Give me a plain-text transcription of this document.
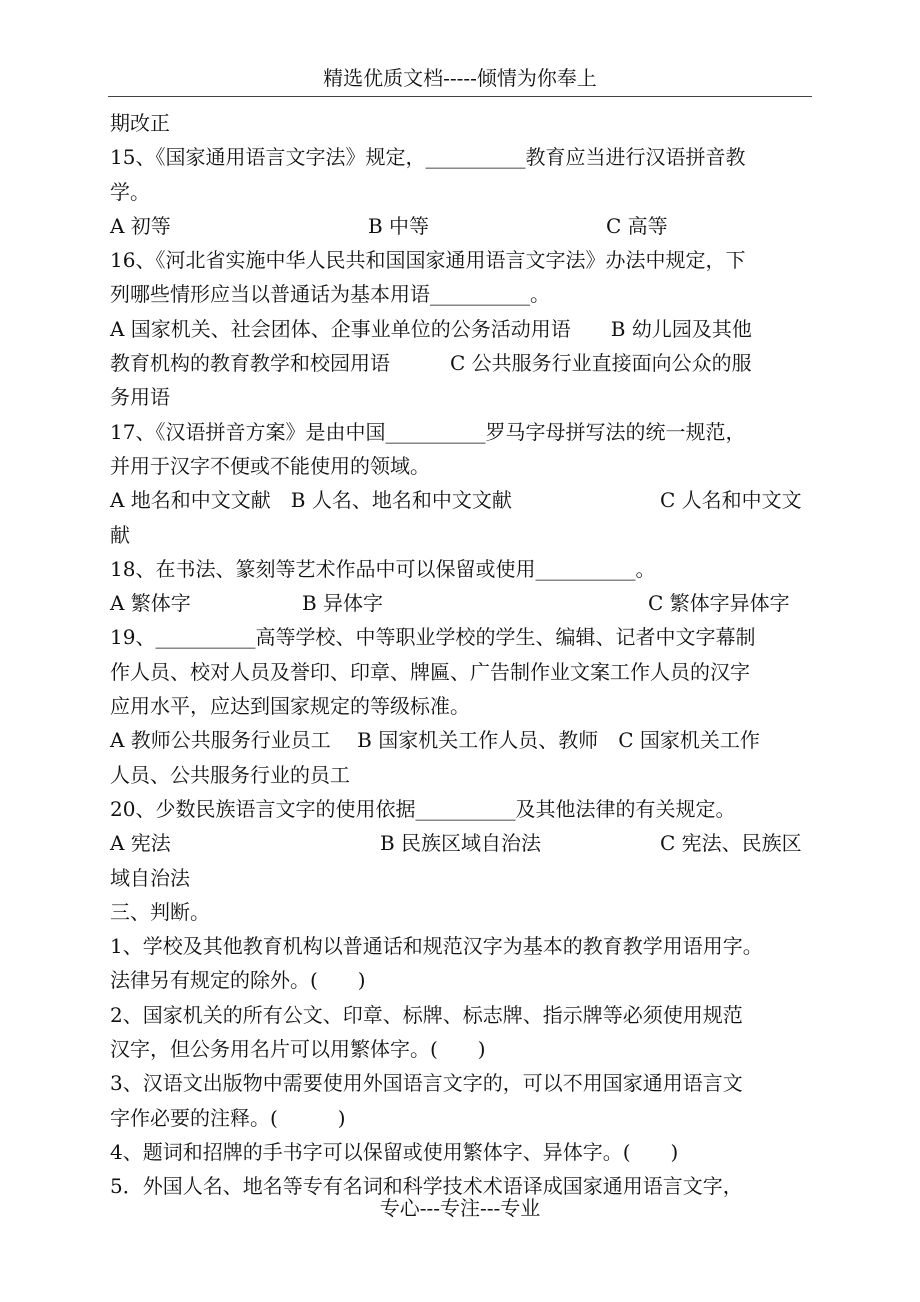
精选优质文档-----倾情为你奉上
期改正
15、《国家通用语言文字法》规定，__________教育应当进行汉语拼音教
学。
A 初等	B 中等	C 高等
16、《河北省实施中华人民共和国国家通用语言文字法》办法中规定，下
列哪些情形应当以普通话为基本用语__________。
A 国家机关、社会团体、企事业单位的公务活动用语　　B 幼儿园及其他
教育机构的教育教学和校园用语　　　C 公共服务行业直接面向公众的服
务用语
17、《汉语拼音方案》是由中国__________罗马字母拼写法的统一规范，
并用于汉字不便或不能使用的领域。
A 地名和中文文献　B 人名、地名和中文文献	C 人名和中文文
献
18、在书法、篆刻等艺术作品中可以保留或使用__________。
A 繁体字	B 异体字	C 繁体字异体字
19、__________高等学校、中等职业学校的学生、编辑、记者中文字幕制
作人员、校对人员及誉印、印章、牌匾、广告制作业文案工作人员的汉字
应用水平，应达到国家规定的等级标准。
A 教师公共服务行业员工　 B 国家机关工作人员、教师　C 国家机关工作
人员、公共服务行业的员工
20、少数民族语言文字的使用依据__________及其他法律的有关规定。
A 宪法	B 民族区域自治法	C 宪法、民族区
域自治法
三、判断。
1、学校及其他教育机构以普通话和规范汉字为基本的教育教学用语用字。
法律另有规定的除外。(　　)
2、国家机关的所有公文、印章、标牌、标志牌、指示牌等必须使用规范
汉字，但公务用名片可以用繁体字。(　　)
3、汉语文出版物中需要使用外国语言文字的，可以不用国家通用语言文
字作必要的注释。(　　　)
4、题词和招牌的手书字可以保留或使用繁体字、异体字。(　　)
5．外国人名、地名等专有名词和科学技术术语译成国家通用语言文字，
专心---专注---专业
